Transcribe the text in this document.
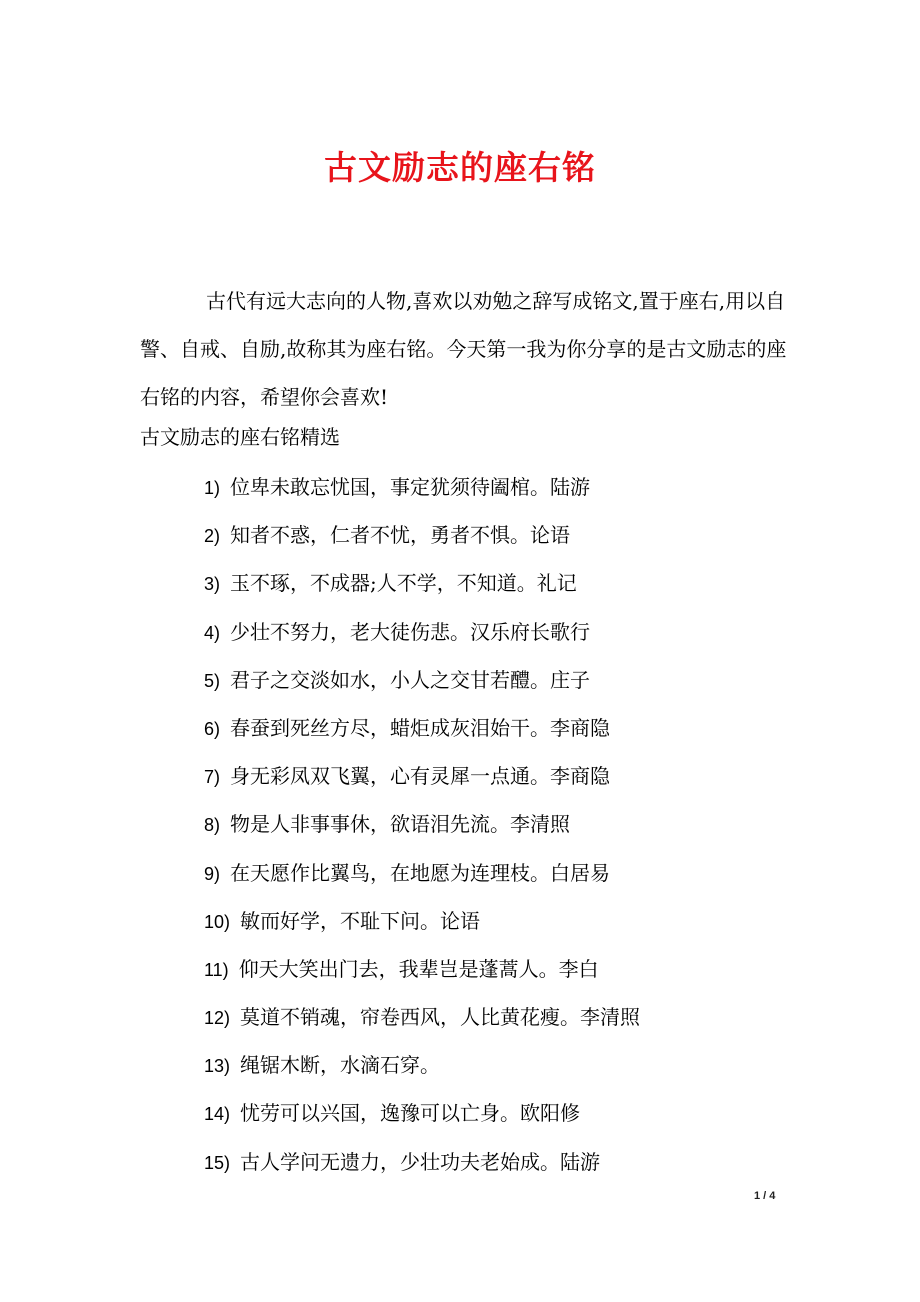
古文励志的座右铭

古代有远大志向的人物,喜欢以劝勉之辞写成铭文,置于座右,用以自警、自戒、自励,故称其为座右铭。今天第一我为你分享的是古文励志的座右铭的内容，希望你会喜欢!

古文励志的座右铭精选
1) 位卑未敢忘忧国，事定犹须待阖棺。陆游
2) 知者不惑，仁者不忧，勇者不惧。论语
3) 玉不琢，不成器;人不学，不知道。礼记
4) 少壮不努力，老大徒伤悲。汉乐府长歌行
5) 君子之交淡如水，小人之交甘若醴。庄子
6) 春蚕到死丝方尽，蜡炬成灰泪始干。李商隐
7) 身无彩凤双飞翼，心有灵犀一点通。李商隐
8) 物是人非事事休，欲语泪先流。李清照
9) 在天愿作比翼鸟，在地愿为连理枝。白居易
10) 敏而好学，不耻下问。论语
11) 仰天大笑出门去，我辈岂是蓬蒿人。李白
12) 莫道不销魂，帘卷西风，人比黄花瘦。李清照
13) 绳锯木断，水滴石穿。
14) 忧劳可以兴国，逸豫可以亡身。欧阳修
15) 古人学问无遗力，少壮功夫老始成。陆游
1 / 4
